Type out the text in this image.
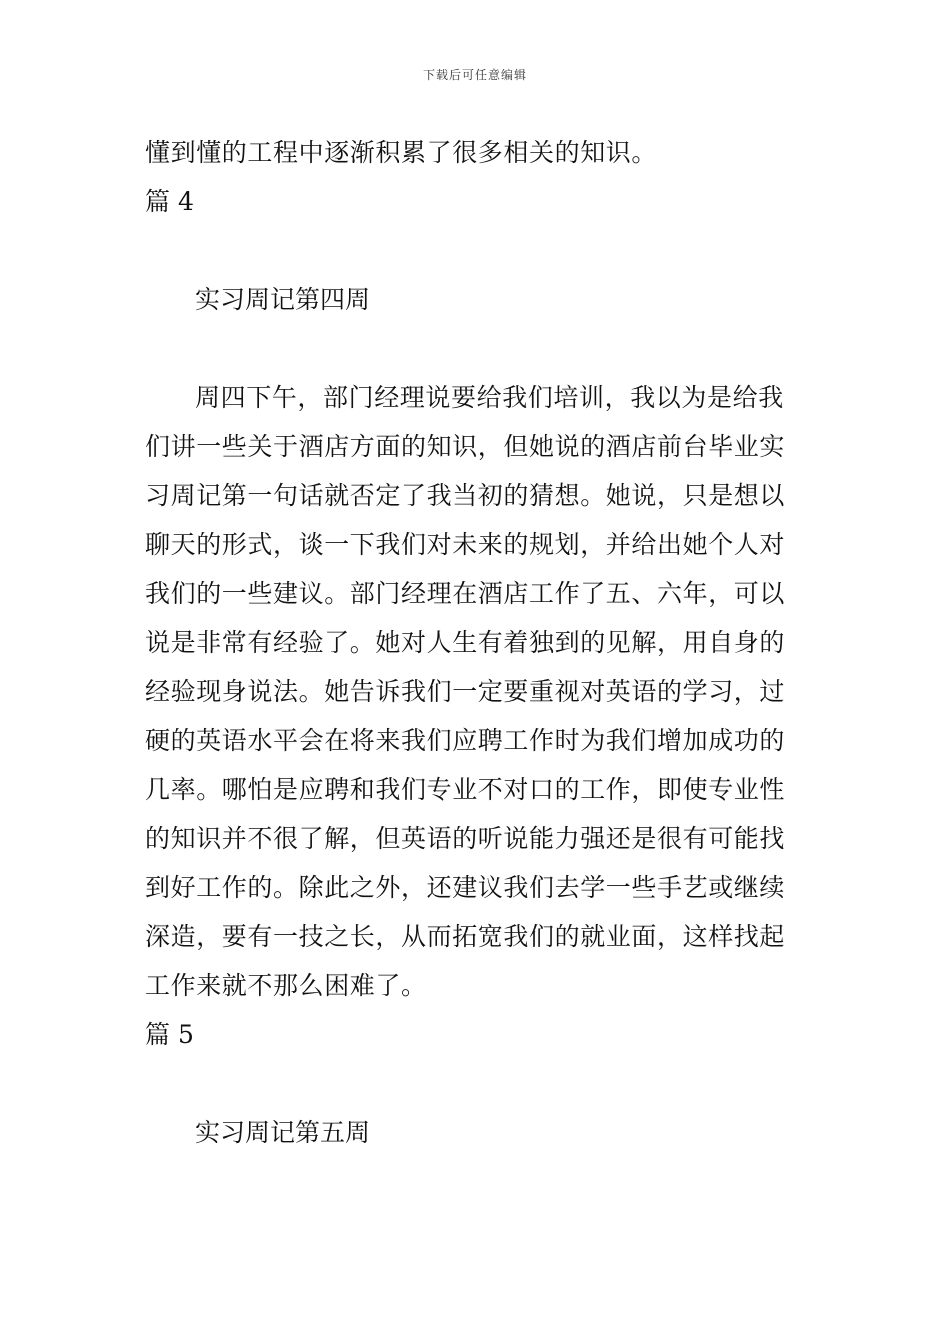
下载后可任意编辑
懂到懂的工程中逐渐积累了很多相关的知识。
篇 4
实习周记第四周
周四下午，部门经理说要给我们培训，我以为是给我
们讲一些关于酒店方面的知识，但她说的酒店前台毕业实
习周记第一句话就否定了我当初的猜想。她说，只是想以
聊天的形式，谈一下我们对未来的规划，并给出她个人对
我们的一些建议。部门经理在酒店工作了五、六年，可以
说是非常有经验了。她对人生有着独到的见解，用自身的
经验现身说法。她告诉我们一定要重视对英语的学习，过
硬的英语水平会在将来我们应聘工作时为我们增加成功的
几率。哪怕是应聘和我们专业不对口的工作，即使专业性
的知识并不很了解，但英语的听说能力强还是很有可能找
到好工作的。除此之外，还建议我们去学一些手艺或继续
深造，要有一技之长，从而拓宽我们的就业面，这样找起
工作来就不那么困难了。
篇 5
实习周记第五周
